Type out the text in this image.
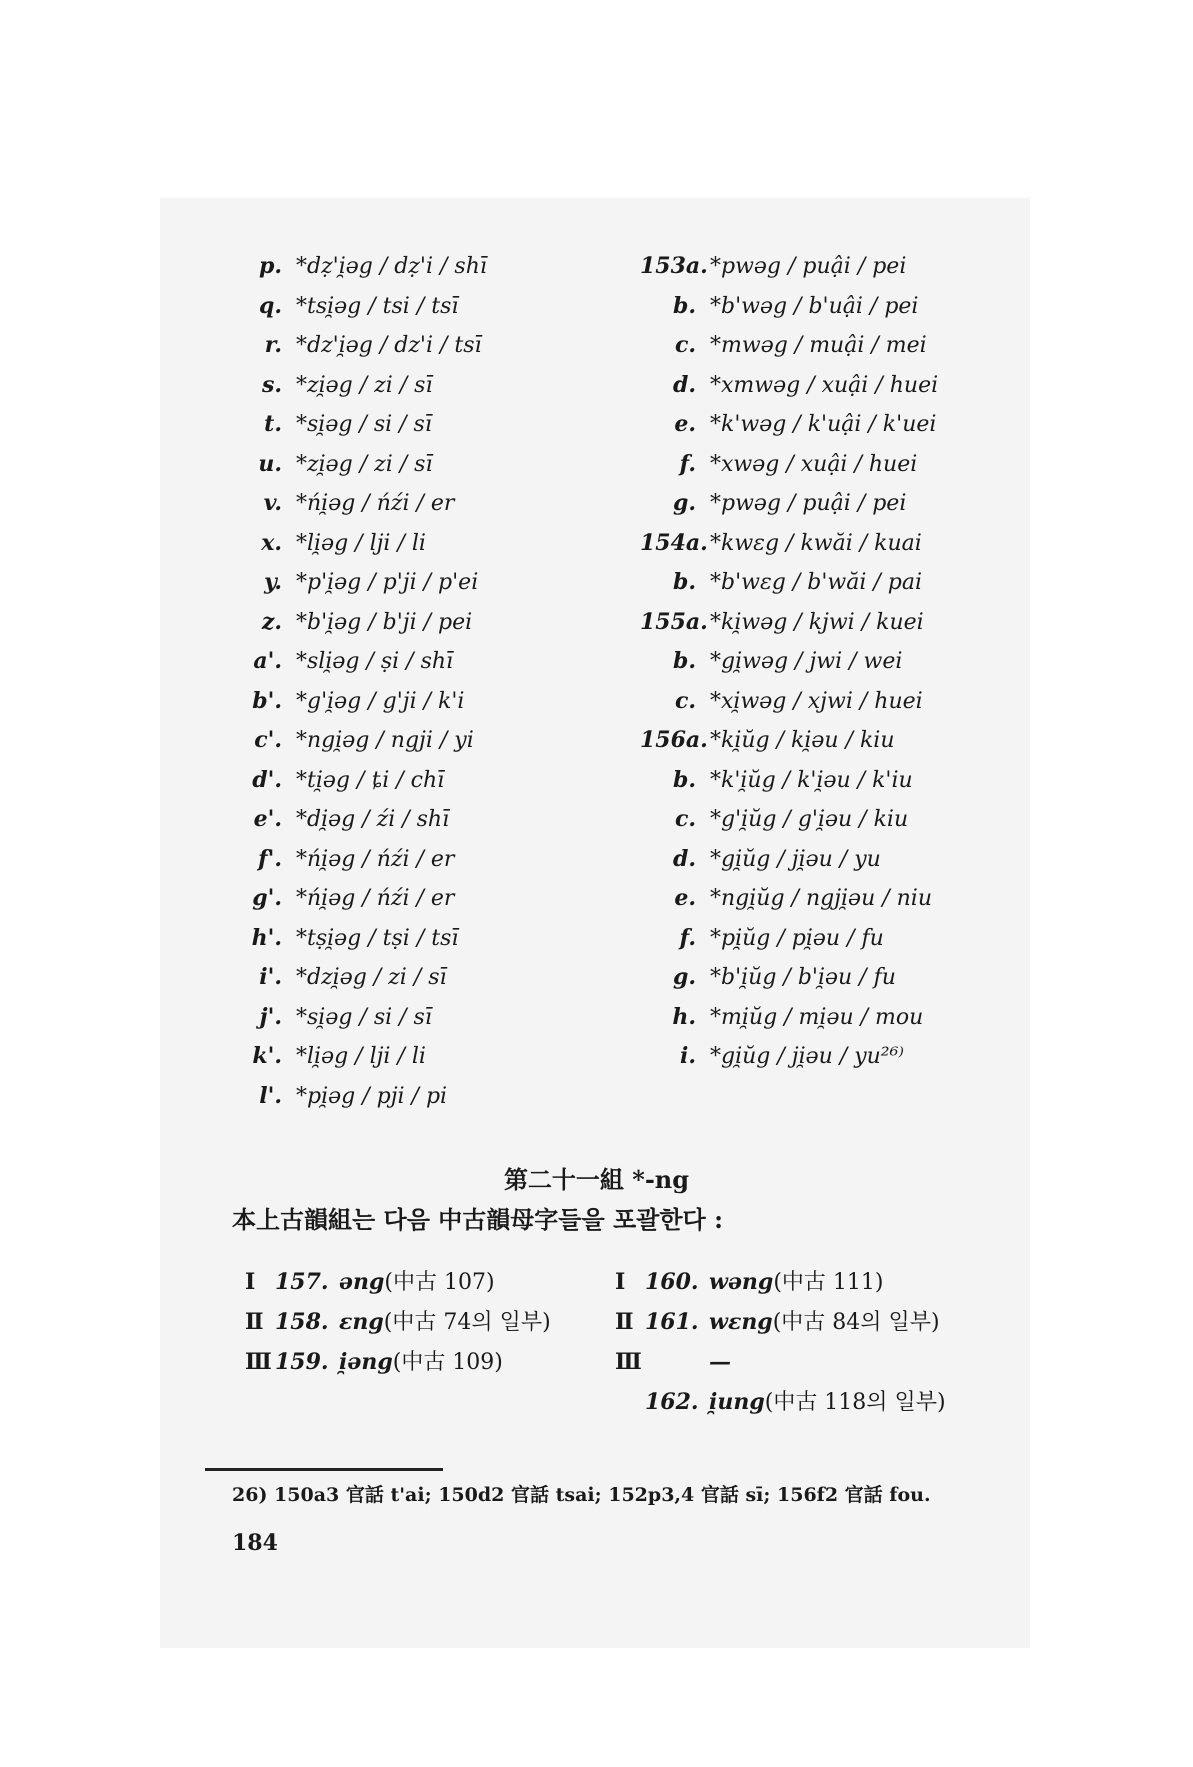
p. *dẓ'i̯əg / dẓ'i / shī
q. *tsi̯əg / tsi / tsī
r. *dz'i̯əg / dz'i / tsī
s. *zi̯əg / zi / sī
t. *si̯əg / si / sī
u. *zi̯əg / zi / sī
v. *ńi̯əg / ńźi / er
x. *li̯əg / lji / li
y. *p'i̯əg / p'ji / p'ei
z. *b'i̯əg / b'ji / pei
a'. *sli̯əg / ṣi / shī
b'. *g'i̯əg / g'ji / k'i
c'. *ngi̯əg / ngji / yi
d'. *ti̯əg / ȶi / chī
e'. *di̯əg / źi / shī
f'. *ńi̯əg / ńźi / er
g'. *ńi̯əg / ńźi / er
h'. *tṣi̯əg / tṣi / tsī
i'. *dzi̯əg / zi / sī
j'. *si̯əg / si / sī
k'. *li̯əg / lji / li
l'. *pi̯əg / pji / pi
153a.*pwəg / puậi / pei
b. *b'wəg / b'uậi / pei
c. *mwəg / muậi / mei
d. *xmwəg / xuậi / huei
e. *k'wəg / k'uậi / k'uei
f. *xwəg / xuậi / huei
g. *pwəg / puậi / pei
154a.*kwɛg / kwăi / kuai
b. *b'wɛg / b'wăi / pai
155a.*ki̯wəg / kjwi / kuei
b. *gi̯wəg / jwi / wei
c. *xi̯wəg / xjwi / huei
156a.*ki̯ŭg / ki̯əu / kiu
b. *k'i̯ŭg / k'i̯əu / k'iu
c. *g'i̯ŭg / g'i̯əu / kiu
d. *gi̯ŭg / ji̯əu / yu
e. *ngi̯ŭg / ngji̯əu / niu
f. *pi̯ŭg / pi̯əu / fu
g. *b'i̯ŭg / b'i̯əu / fu
h. *mi̯ŭg / mi̯əu / mou
i. *gi̯ŭg / ji̯əu / yu²⁶⁾
第二十一組 *-ng
本上古韻組는 다음 中古韻母字들을 포괄한다 :
Ⅰ 157. əng(中古 107)
Ⅱ 158. ɛng(中古 74의 일부)
Ⅲ 159. i̯əng(中古 109)
Ⅰ 160. wəng(中古 111)
Ⅱ 161. wɛng(中古 84의 일부)
Ⅲ	—
162. i̯ung(中古 118의 일부)
26) 150a3 官話 t'ai; 150d2 官話 tsai; 152p3,4 官話 sī; 156f2 官話 fou.
184
